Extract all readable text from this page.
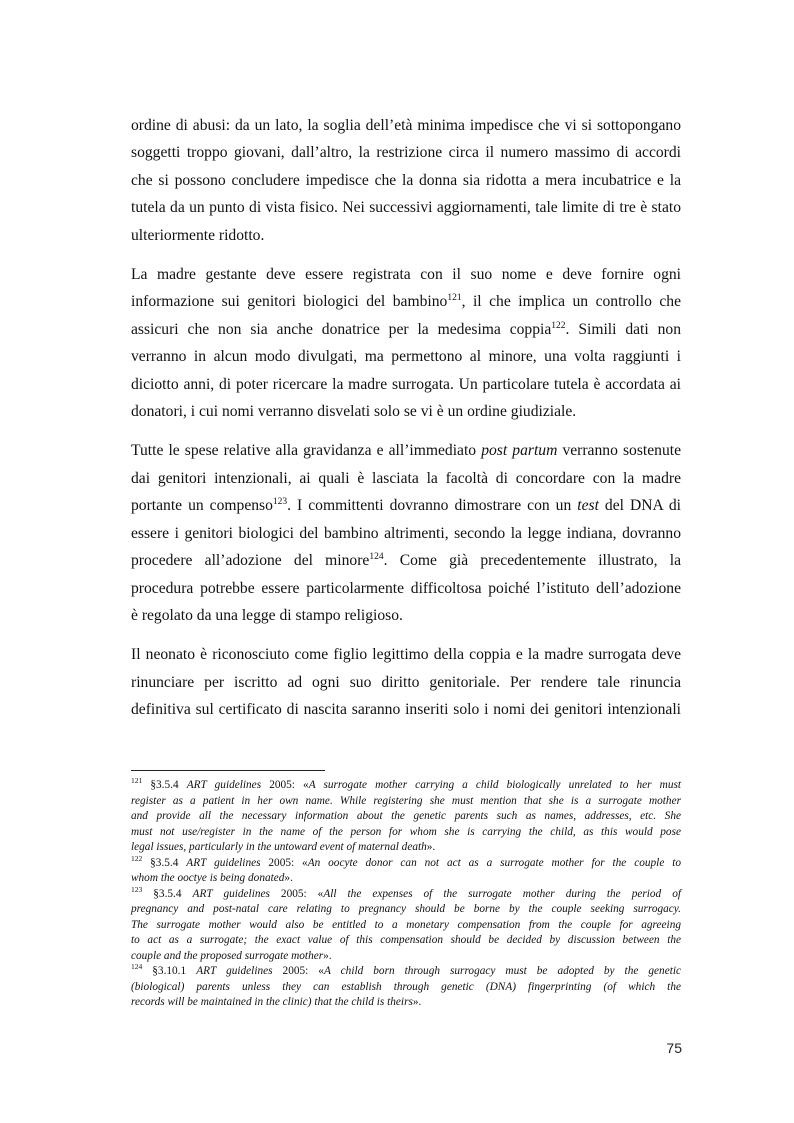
ordine di abusi: da un lato, la soglia dell’età minima impedisce che vi si sottopongano
soggetti troppo giovani, dall’altro, la restrizione circa il numero massimo di accordi
che si possono concludere impedisce che la donna sia ridotta a mera incubatrice e la
tutela da un punto di vista fisico. Nei successivi aggiornamenti, tale limite di tre è stato
ulteriormente ridotto.

La madre gestante deve essere registrata con il suo nome e deve fornire ogni
informazione sui genitori biologici del bambino$^{121}$, il che implica un controllo che
assicuri che non sia anche donatrice per la medesima coppia$^{122}$. Simili dati non
verranno in alcun modo divulgati, ma permettono al minore, una volta raggiunti i
diciotto anni, di poter ricercare la madre surrogata. Un particolare tutela è accordata ai
donatori, i cui nomi verranno disvelati solo se vi è un ordine giudiziale.

Tutte le spese relative alla gravidanza e all’immediato post partum verranno sostenute
dai genitori intenzionali, ai quali è lasciata la facoltà di concordare con la madre
portante un compenso$^{123}$. I committenti dovranno dimostrare con un test del DNA di
essere i genitori biologici del bambino altrimenti, secondo la legge indiana, dovranno
procedere all’adozione del minore$^{124}$. Come già precedentemente illustrato, la
procedura potrebbe essere particolarmente difficoltosa poiché l’istituto dell’adozione
è regolato da una legge di stampo religioso.

Il neonato è riconosciuto come figlio legittimo della coppia e la madre surrogata deve
rinunciare per iscritto ad ogni suo diritto genitoriale. Per rendere tale rinuncia
definitiva sul certificato di nascita saranno inseriti solo i nomi dei genitori intenzionali

$^{121}$ §3.5.4 ART guidelines 2005: «A surrogate mother carrying a child biologically unrelated to her must
register as a patient in her own name. While registering she must mention that she is a surrogate mother
and provide all the necessary information about the genetic parents such as names, addresses, etc. She
must not use/register in the name of the person for whom she is carrying the child, as this would pose
legal issues, particularly in the untoward event of maternal death».

$^{122}$ §3.5.4 ART guidelines 2005: «An oocyte donor can not act as a surrogate mother for the couple to
whom the ooctye is being donated».

$^{123}$ §3.5.4 ART guidelines 2005: «All the expenses of the surrogate mother during the period of
pregnancy and post-natal care relating to pregnancy should be borne by the couple seeking surrogacy.
The surrogate mother would also be entitled to a monetary compensation from the couple for agreeing
to act as a surrogate; the exact value of this compensation should be decided by discussion between the
couple and the proposed surrogate mother».

$^{124}$ §3.10.1 ART guidelines 2005: «A child born through surrogacy must be adopted by the genetic
(biological) parents unless they can establish through genetic (DNA) fingerprinting (of which the
records will be maintained in the clinic) that the child is theirs».

75
